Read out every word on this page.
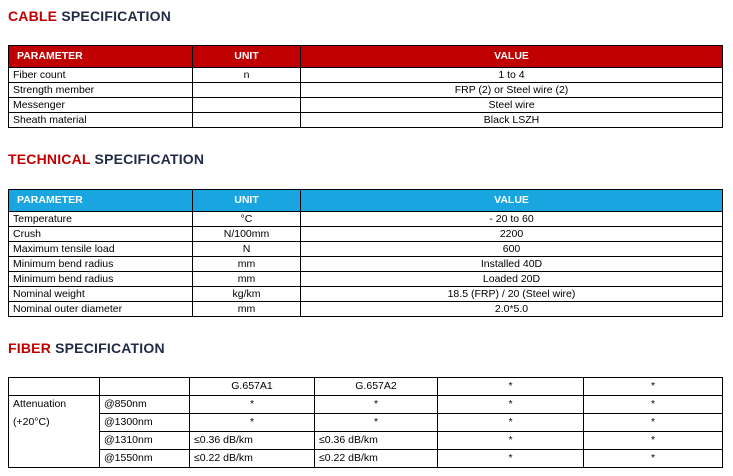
CABLE SPECIFICATION
PARAMETER	UNIT	VALUE
Fiber count	n	1 to 4
Strength member		FRP (2) or Steel wire (2)
Messenger		Steel wire
Sheath material		Black LSZH
TECHNICAL SPECIFICATION
PARAMETER	UNIT	VALUE
Temperature	°C	- 20 to 60
Crush	N/100mm	2200
Maximum tensile load	N	600
Minimum bend radius	mm	Installed 40D
Minimum bend radius	mm	Loaded 20D
Nominal weight	kg/km	18.5 (FRP) / 20 (Steel wire)
Nominal outer diameter	mm	2.0*5.0
FIBER SPECIFICATION
		G.657A1	G.657A2	*	*
Attenuation	@850nm	*	*	*	*
(+20°C)	@1300nm	*	*	*	*
	@1310nm	≤0.36 dB/km	≤0.36 dB/km	*	*
	@1550nm	≤0.22 dB/km	≤0.22 dB/km	*	*
